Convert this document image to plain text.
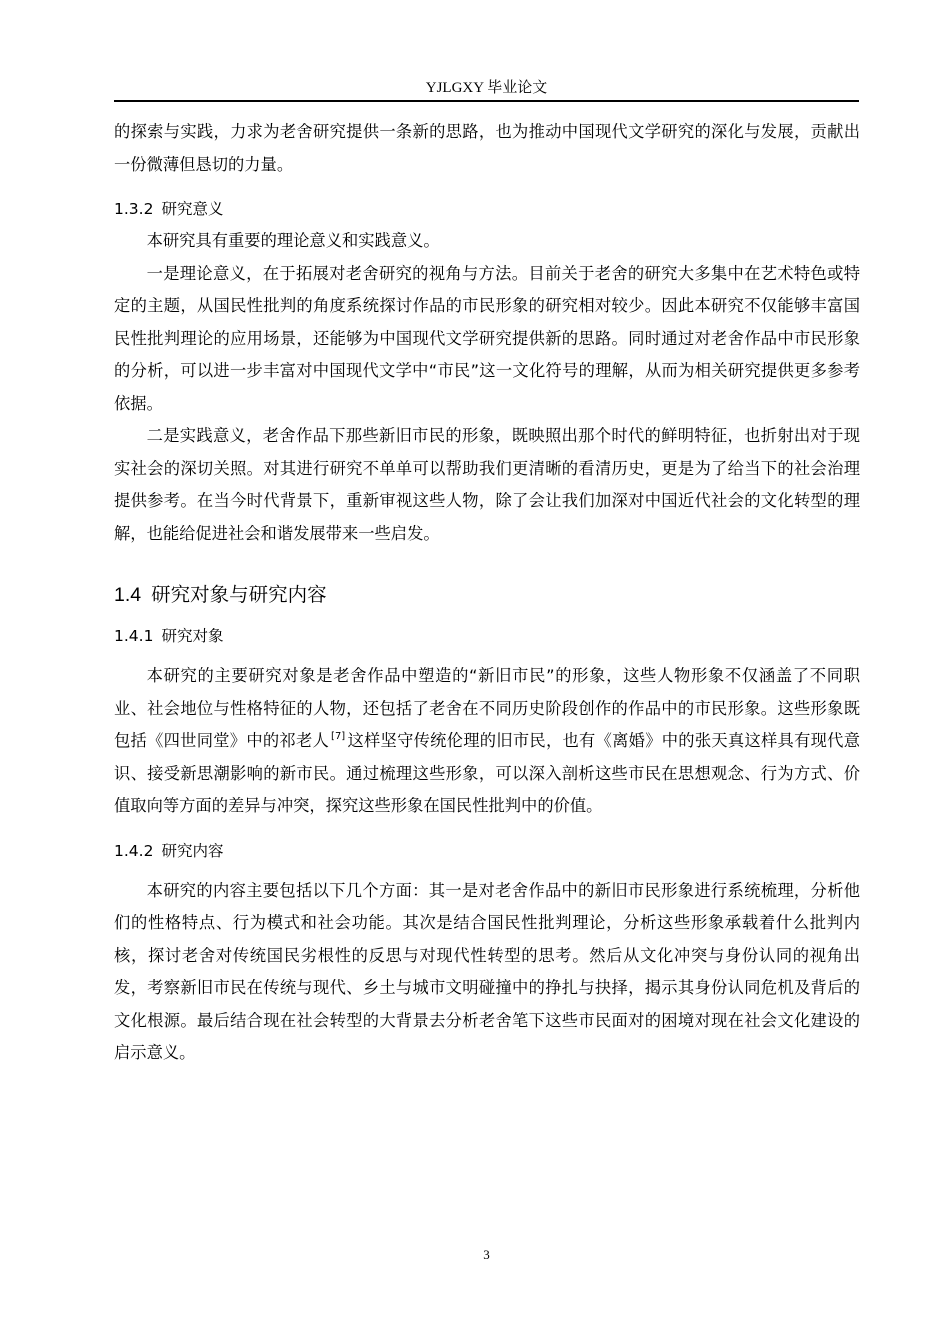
YJLGXY 毕业论文

的探索与实践，力求为老舍研究提供一条新的思路，也为推动中国现代文学研究的深化与发展，贡献出一份微薄但恳切的力量。

1.3.2 研究意义

本研究具有重要的理论意义和实践意义。

一是理论意义，在于拓展对老舍研究的视角与方法。目前关于老舍的研究大多集中在艺术特色或特定的主题，从国民性批判的角度系统探讨作品的市民形象的研究相对较少。因此本研究不仅能够丰富国民性批判理论的应用场景，还能够为中国现代文学研究提供新的思路。同时通过对老舍作品中市民形象的分析，可以进一步丰富对中国现代文学中“市民”这一文化符号的理解，从而为相关研究提供更多参考依据。

二是实践意义，老舍作品下那些新旧市民的形象，既映照出那个时代的鲜明特征，也折射出对于现实社会的深切关照。对其进行研究不单单可以帮助我们更清晰的看清历史，更是为了给当下的社会治理提供参考。在当今时代背景下，重新审视这些人物，除了会让我们加深对中国近代社会的文化转型的理解，也能给促进社会和谐发展带来一些启发。

1.4 研究对象与研究内容
1.4.1 研究对象

本研究的主要研究对象是老舍作品中塑造的“新旧市民”的形象，这些人物形象不仅涵盖了不同职业、社会地位与性格特征的人物，还包括了老舍在不同历史阶段创作的作品中的市民形象。这些形象既包括《四世同堂》中的祁老人 [7] 这样坚守传统伦理的旧市民，也有《离婚》中的张天真这样具有现代意识、接受新思潮影响的新市民。通过梳理这些形象，可以深入剖析这些市民在思想观念、行为方式、价值取向等方面的差异与冲突，探究这些形象在国民性批判中的价值。

1.4.2 研究内容

本研究的内容主要包括以下几个方面：其一是对老舍作品中的新旧市民形象进行系统梳理，分析他们的性格特点、行为模式和社会功能。其次是结合国民性批判理论，分析这些形象承载着什么批判内核，探讨老舍对传统国民劣根性的反思与对现代性转型的思考。然后从文化冲突与身份认同的视角出发，考察新旧市民在传统与现代、乡土与城市文明碰撞中的挣扎与抉择，揭示其身份认同危机及背后的文化根源。最后结合现在社会转型的大背景去分析老舍笔下这些市民面对的困境对现在社会文化建设的启示意义。

3
